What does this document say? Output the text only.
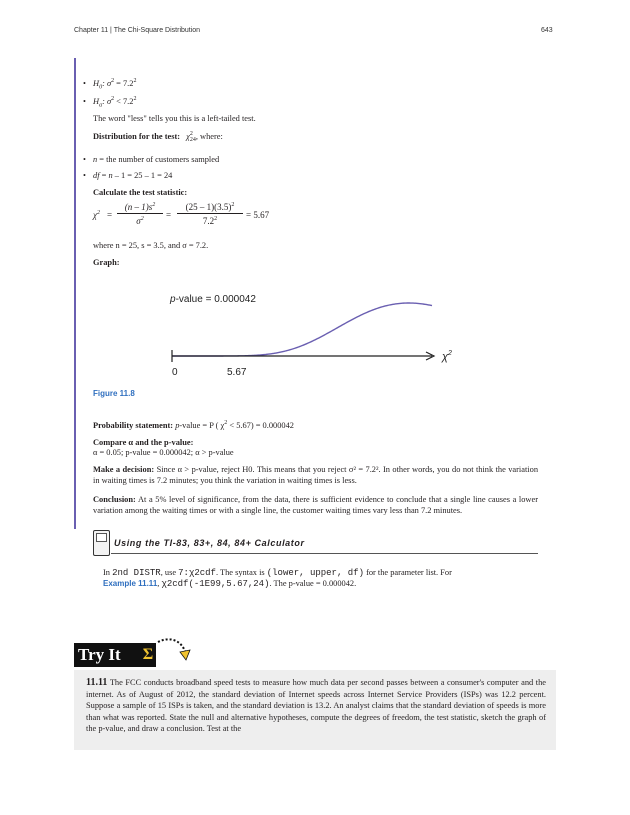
Chapter 11 | The Chi-Square Distribution	643
• $H_0$: $\sigma^2 = 7.2^2$
• $H_a$: $\sigma^2 < 7.2^2$
The word "less" tells you this is a left-tailed test.
Distribution for the test: χ 2
24 , where:
• n = the number of customers sampled
• df = n – 1 = 25 – 1 = 24
Calculate the test statistic:
$\chi^2$ =
$(n - 1)s^2$
$\sigma^2$	=
$(25 - 1)(3.5)^2$
$7.2^2$	= 5.67
where n = 25, s = 3.5, and σ = 7.2.
Graph:
p-value = 0.000042
0	5.67
$\chi^2$
Figure 11.8
Probability statement: p-value = P ( $\chi^2 < 5.67) = 0.000042$
Compare α and the p-value:
α = 0.05; p-value = 0.000042; α > p-value
Make a decision: Since α > p-value, reject H0. This means that you reject σ² = 7.2². In other words, you do not think the variation in waiting times is 7.2 minutes; you think the variation in waiting times is less.
Conclusion: At a 5% level of significance, from the data, there is sufficient evidence to conclude that a single line causes a lower variation among the waiting times or with a single line, the customer waiting times vary less than 7.2 minutes.
Using the TI-83, 83+, 84, 84+ Calculator
In 2nd DISTR, use 7:χ2cdf. The syntax is (lower, upper, df) for the parameter list. For
Example 11.11, χ2cdf(-1E99,5.67,24). The p-value = 0.000042.
Try It	Σ
11.11 The FCC conducts broadband speed tests to measure how much data per second passes between a consumer's computer and the internet. As of August of 2012, the standard deviation of Internet speeds across Internet Service Providers (ISPs) was 12.2 percent. Suppose a sample of 15 ISPs is taken, and the standard deviation is 13.2. An analyst claims that the standard deviation of speeds is more than what was reported. State the null and alternative hypotheses, compute the degrees of freedom, the test statistic, sketch the graph of the p-value, and draw a conclusion. Test at the
